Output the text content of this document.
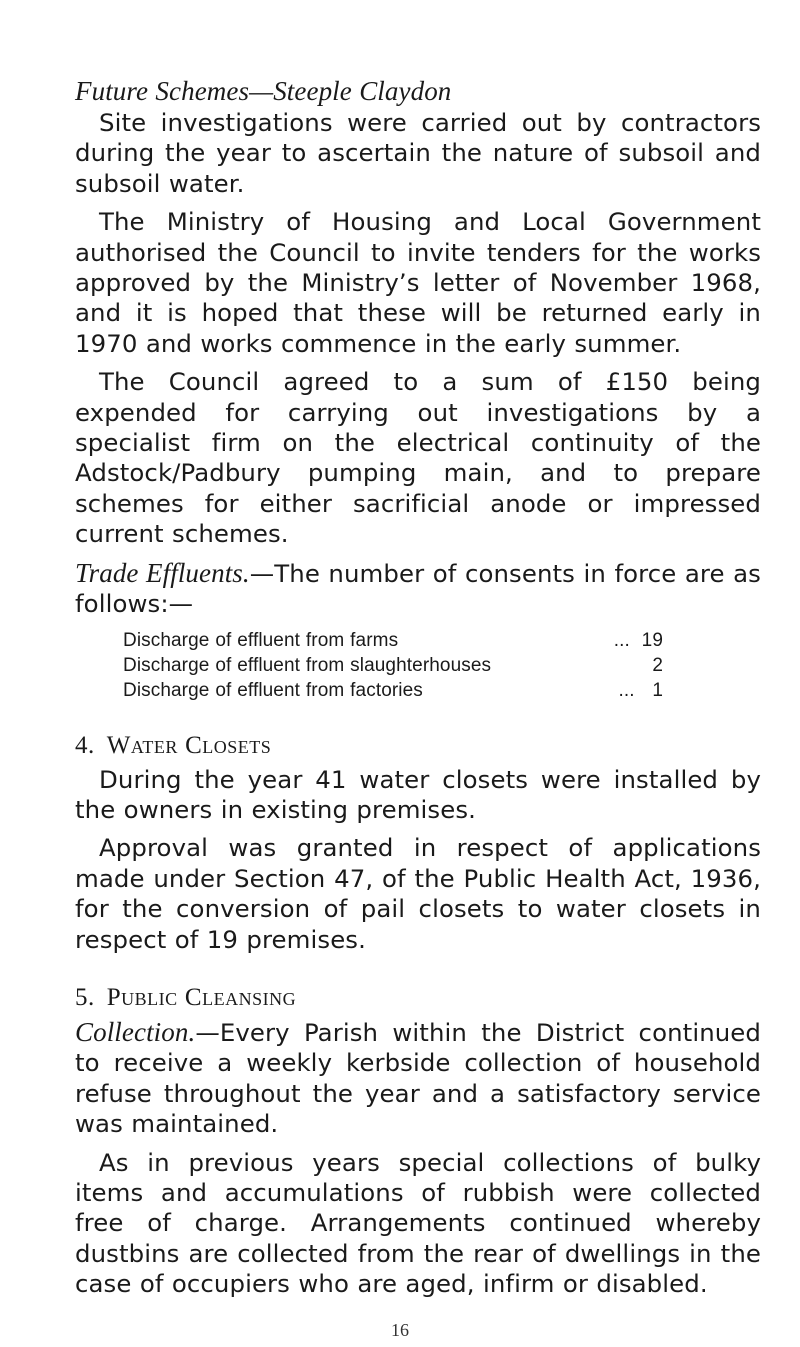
Future Schemes—Steeple Claydon

Site investigations were carried out by contractors during the year to ascertain the nature of subsoil and subsoil water.

The Ministry of Housing and Local Government authorised the Council to invite tenders for the works approved by the Ministry’s letter of November 1968, and it is hoped that these will be returned early in 1970 and works commence in the early summer.

The Council agreed to a sum of £150 being expended for carrying out investigations by a specialist firm on the electrical continuity of the Adstock/Padbury pumping main, and to prepare schemes for either sacrificial anode or impressed current schemes.

Trade Effluents.—The number of consents in force are as follows:—

Discharge of effluent from farms	... 19
Discharge of effluent from slaughterhouses	2
Discharge of effluent from factories	... 1
4. Water Closets

During the year 41 water closets were installed by the owners in existing premises.

Approval was granted in respect of applications made under Section 47, of the Public Health Act, 1936, for the conversion of pail closets to water closets in respect of 19 premises.

5. Public Cleansing

Collection.—Every Parish within the District continued to receive a weekly kerbside collection of household refuse throughout the year and a satisfactory service was maintained.

As in previous years special collections of bulky items and accumulations of rubbish were collected free of charge. Arrangements continued whereby dustbins are collected from the rear of dwellings in the case of occupiers who are aged, infirm or disabled.

16
